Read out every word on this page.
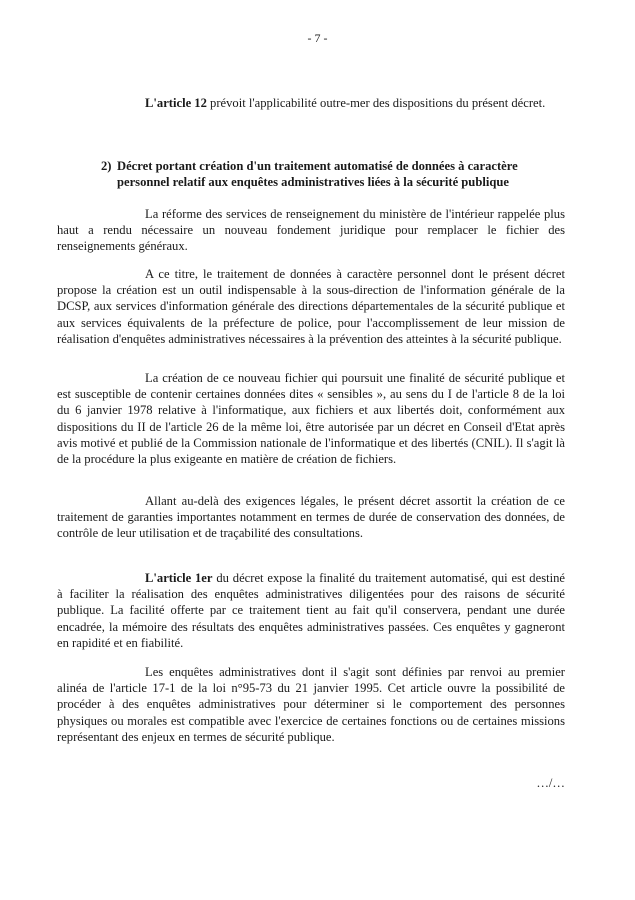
- 7 -

L'article 12 prévoit l'applicabilité outre-mer des dispositions du présent décret.

2) Décret portant création d'un traitement automatisé de données à caractère
personnel relatif aux enquêtes administratives liées à la sécurité publique

La réforme des services de renseignement du ministère de l'intérieur rappelée plus haut a rendu nécessaire un nouveau fondement juridique pour remplacer le fichier des renseignements généraux.

A ce titre, le traitement de données à caractère personnel dont le présent décret propose la création est un outil indispensable à la sous-direction de l'information générale de la DCSP, aux services d'information générale des directions départementales de la sécurité publique et aux services équivalents de la préfecture de police, pour l'accomplissement de leur mission de réalisation d'enquêtes administratives nécessaires à la prévention des atteintes à la sécurité publique.

La création de ce nouveau fichier qui poursuit une finalité de sécurité publique et est susceptible de contenir certaines données dites « sensibles », au sens du I de l'article 8 de la loi du 6 janvier 1978 relative à l'informatique, aux fichiers et aux libertés doit, conformément aux dispositions du II de l'article 26 de la même loi, être autorisée par un décret en Conseil d'Etat après avis motivé et publié de la Commission nationale de l'informatique et des libertés (CNIL). Il s'agit là de la procédure la plus exigeante en matière de création de fichiers.

Allant au-delà des exigences légales, le présent décret assortit la création de ce traitement de garanties importantes notamment en termes de durée de conservation des données, de contrôle de leur utilisation et de traçabilité des consultations.

L'article 1er du décret expose la finalité du traitement automatisé, qui est destiné à faciliter la réalisation des enquêtes administratives diligentées pour des raisons de sécurité publique. La facilité offerte par ce traitement tient au fait qu'il conservera, pendant une durée encadrée, la mémoire des résultats des enquêtes administratives passées. Ces enquêtes y gagneront en rapidité et en fiabilité.

Les enquêtes administratives dont il s'agit sont définies par renvoi au premier alinéa de l'article 17-1 de la loi n°95-73 du 21 janvier 1995. Cet article ouvre la possibilité de procéder à des enquêtes administratives pour déterminer si le comportement des personnes physiques ou morales est compatible avec l'exercice de certaines fonctions ou de certaines missions représentant des enjeux en termes de sécurité publique.

…/…
